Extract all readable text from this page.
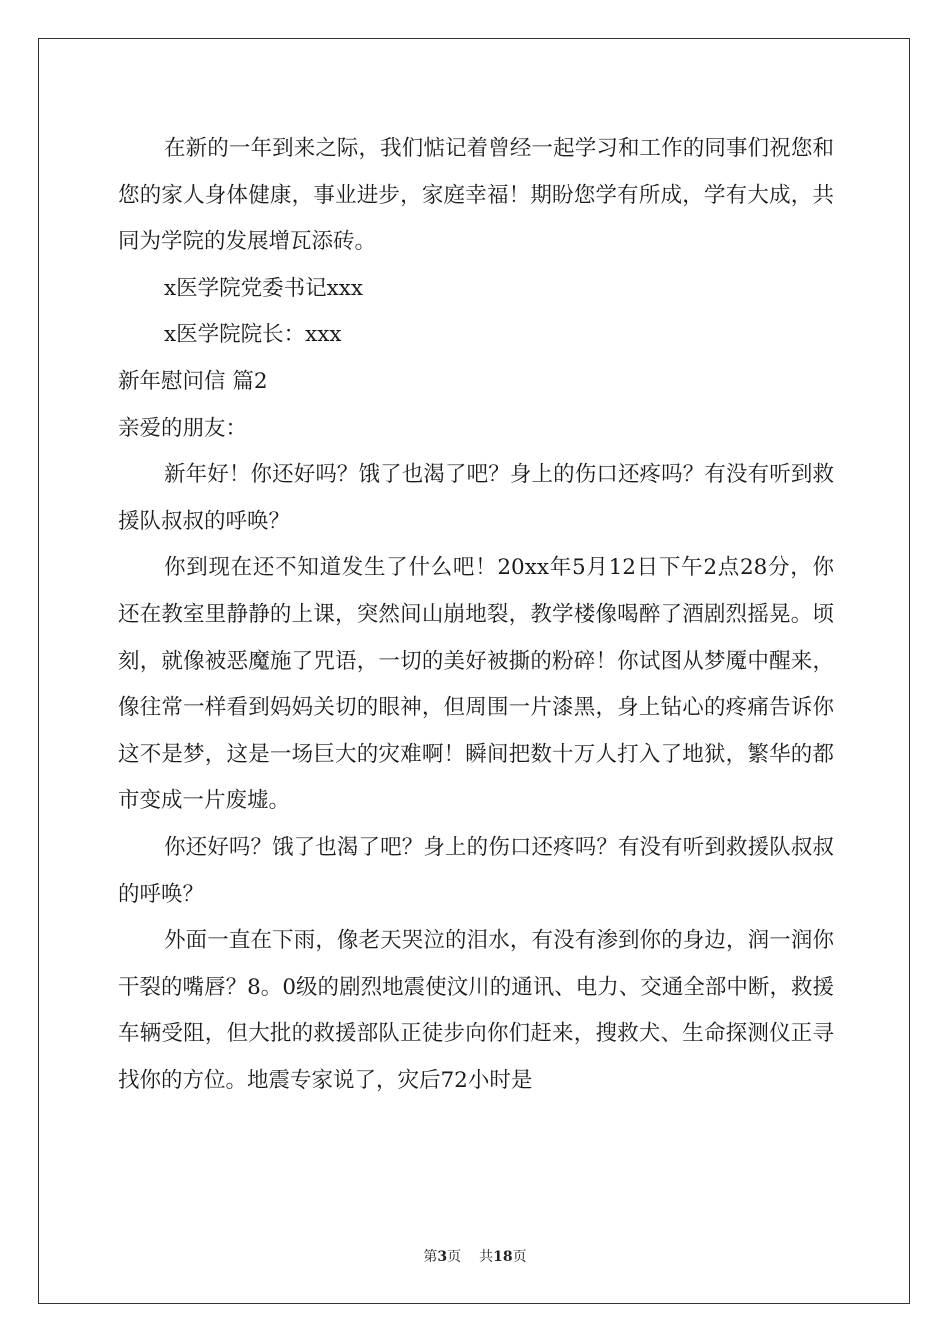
在新的一年到来之际，我们惦记着曾经一起学习和工作的同事们祝您和您的家人身体健康，事业进步，家庭幸福！期盼您学有所成，学有大成，共同为学院的发展增瓦添砖。

x医学院党委书记xxx

x医学院院长：xxx

新年慰问信 篇2

亲爱的朋友：

新年好！你还好吗？饿了也渴了吧？身上的伤口还疼吗？有没有听到救援队叔叔的呼唤？

你到现在还不知道发生了什么吧！20xx年5月12日下午2点28分，你还在教室里静静的上课，突然间山崩地裂，教学楼像喝醉了酒剧烈摇晃。顷刻，就像被恶魔施了咒语，一切的美好被撕的粉碎！你试图从梦魇中醒来，像往常一样看到妈妈关切的眼神，但周围一片漆黑，身上钻心的疼痛告诉你这不是梦，这是一场巨大的灾难啊！瞬间把数十万人打入了地狱，繁华的都市变成一片废墟。

你还好吗？饿了也渴了吧？身上的伤口还疼吗？有没有听到救援队叔叔的呼唤？

外面一直在下雨，像老天哭泣的泪水，有没有渗到你的身边，润一润你干裂的嘴唇？8。0级的剧烈地震使汶川的通讯、电力、交通全部中断，救援车辆受阻，但大批的救援部队正徒步向你们赶来，搜救犬、生命探测仪正寻找你的方位。地震专家说了，灾后72小时是

第3页 共18页
